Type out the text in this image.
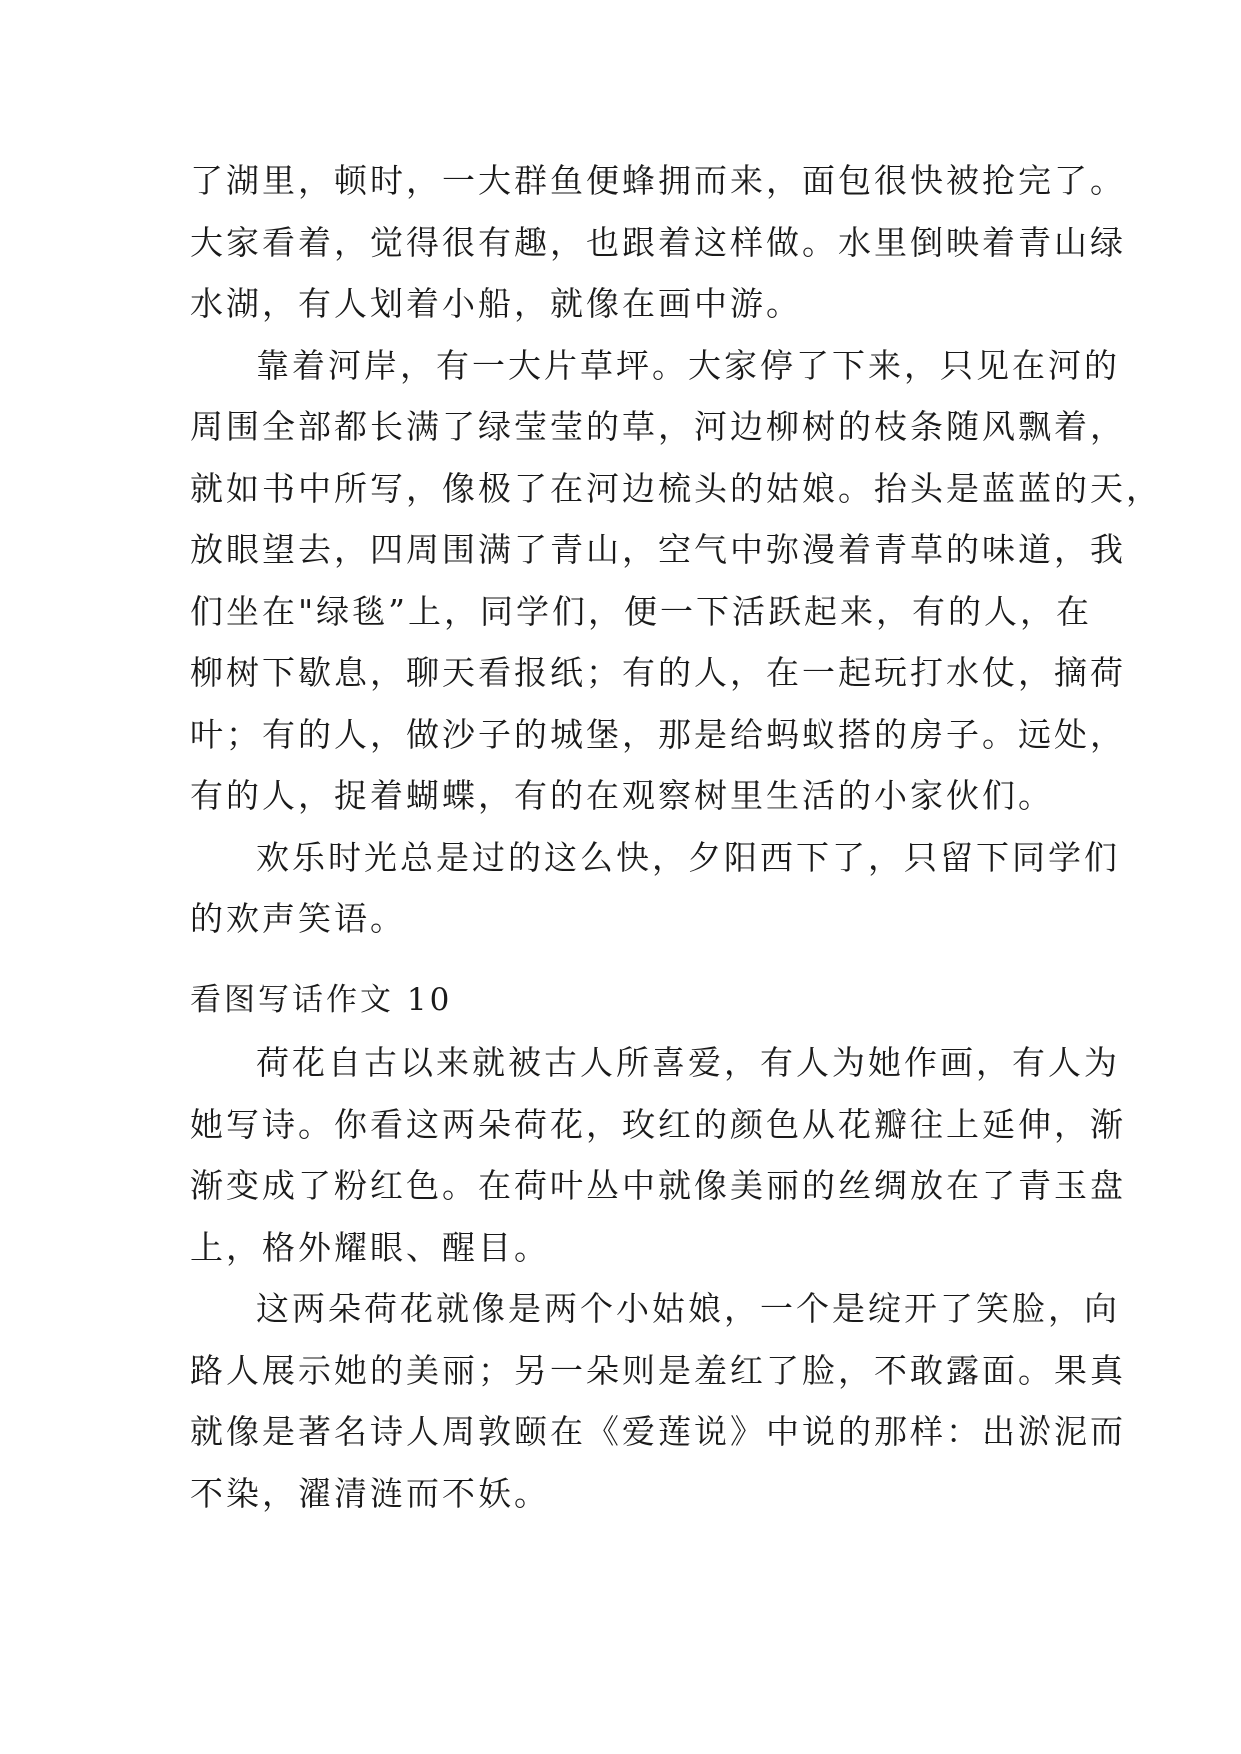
了湖里，顿时，一大群鱼便蜂拥而来，面包很快被抢完了。
大家看着，觉得很有趣，也跟着这样做。水里倒映着青山绿
水湖，有人划着小船，就像在画中游。
靠着河岸，有一大片草坪。大家停了下来，只见在河的
周围全部都长满了绿莹莹的草，河边柳树的枝条随风飘着，
就如书中所写，像极了在河边梳头的姑娘。抬头是蓝蓝的天，
放眼望去，四周围满了青山，空气中弥漫着青草的味道，我
们坐在"绿毯”上，同学们，便一下活跃起来，有的人，在
柳树下歇息，聊天看报纸；有的人，在一起玩打水仗，摘荷
叶；有的人，做沙子的城堡，那是给蚂蚁搭的房子。远处，
有的人，捉着蝴蝶，有的在观察树里生活的小家伙们。
欢乐时光总是过的这么快，夕阳西下了，只留下同学们
的欢声笑语。
看图写话作文 10
荷花自古以来就被古人所喜爱，有人为她作画，有人为
她写诗。你看这两朵荷花，玫红的颜色从花瓣往上延伸，渐
渐变成了粉红色。在荷叶丛中就像美丽的丝绸放在了青玉盘
上，格外耀眼、醒目。
这两朵荷花就像是两个小姑娘，一个是绽开了笑脸，向
路人展示她的美丽；另一朵则是羞红了脸，不敢露面。果真
就像是著名诗人周敦颐在《爱莲说》中说的那样：出淤泥而
不染，濯清涟而不妖。
